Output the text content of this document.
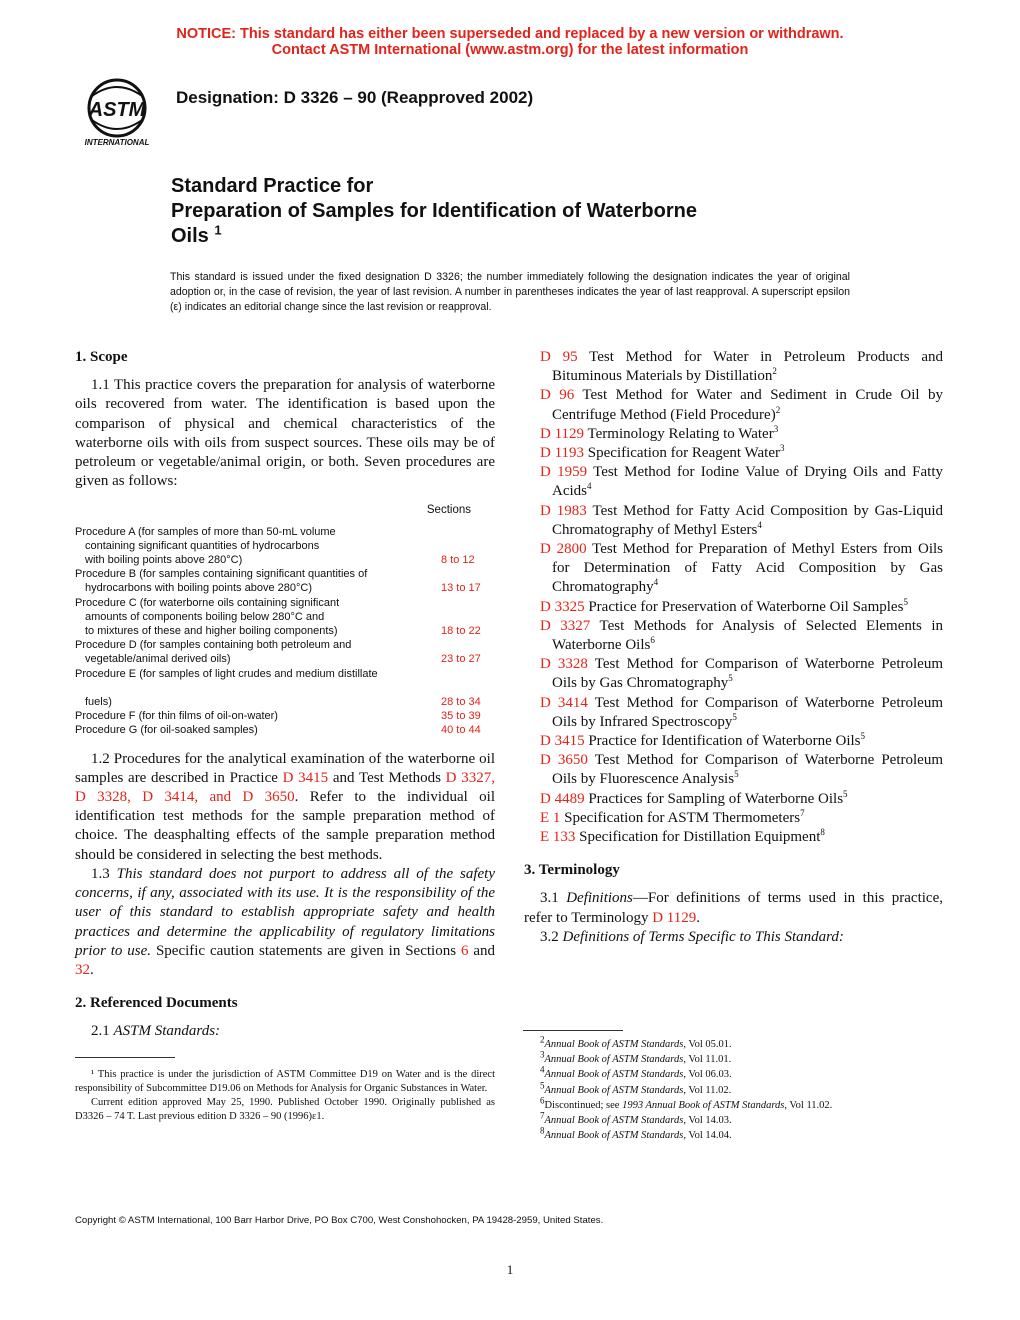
NOTICE: This standard has either been superseded and replaced by a new version or withdrawn.
Contact ASTM International (www.astm.org) for the latest information
ASTM
INTERNATIONAL
Designation: D 3326 – 90 (Reapproved 2002)
Standard Practice for
Preparation of Samples for Identification of Waterborne
Oils $^1$
This standard is issued under the fixed designation D 3326; the number immediately following the designation indicates the year of original adoption or, in the case of revision, the year of last revision. A number in parentheses indicates the year of last reapproval. A superscript epsilon (ε) indicates an editorial change since the last revision or reapproval.
1. Scope

1.1 This practice covers the preparation for analysis of waterborne oils recovered from water. The identification is based upon the comparison of physical and chemical characteristics of the waterborne oils with oils from suspect sources. These oils may be of petroleum or vegetable/animal origin, or both. Seven procedures are given as follows:

Sections
Procedure A (for samples of more than 50-mL volume
containing significant quantities of hydrocarbons
with boiling points above 280°C)	8 to 12
Procedure B (for samples containing significant quantities of
hydrocarbons with boiling points above 280°C)	13 to 17
Procedure C (for waterborne oils containing significant
amounts of components boiling below 280°C and
to mixtures of these and higher boiling components)	18 to 22
Procedure D (for samples containing both petroleum and
vegetable/animal derived oils)	23 to 27
Procedure E (for samples of light crudes and medium distillate

fuels)	28 to 34
Procedure F (for thin films of oil-on-water)	35 to 39
Procedure G (for oil-soaked samples)	40 to 44

1.2 Procedures for the analytical examination of the waterborne oil samples are described in Practice D 3415 and Test Methods D 3327, D 3328, D 3414, and D 3650. Refer to the individual oil identification test methods for the sample preparation method of choice. The deasphalting effects of the sample preparation method should be considered in selecting the best methods.

1.3 This standard does not purport to address all of the safety concerns, if any, associated with its use. It is the responsibility of the user of this standard to establish appropriate safety and health practices and determine the applicability of regulatory limitations prior to use. Specific caution statements are given in Sections 6 and 32.

2. Referenced Documents

2.1 ASTM Standards:

D 95 Test Method for Water in Petroleum Products and Bituminous Materials by Distillation$^2$
D 96 Test Method for Water and Sediment in Crude Oil by Centrifuge Method (Field Procedure)$^2$
D 1129 Terminology Relating to Water$^3$
D 1193 Specification for Reagent Water$^3$
D 1959 Test Method for Iodine Value of Drying Oils and Fatty Acids$^4$
D 1983 Test Method for Fatty Acid Composition by Gas-Liquid Chromatography of Methyl Esters$^4$
D 2800 Test Method for Preparation of Methyl Esters from Oils for Determination of Fatty Acid Composition by Gas Chromatography$^4$
D 3325 Practice for Preservation of Waterborne Oil Samples$^5$
D 3327 Test Methods for Analysis of Selected Elements in Waterborne Oils$^6$
D 3328 Test Method for Comparison of Waterborne Petroleum Oils by Gas Chromatography$^5$
D 3414 Test Method for Comparison of Waterborne Petroleum Oils by Infrared Spectroscopy$^5$
D 3415 Practice for Identification of Waterborne Oils$^5$
D 3650 Test Method for Comparison of Waterborne Petroleum Oils by Fluorescence Analysis$^5$
D 4489 Practices for Sampling of Waterborne Oils$^5$
E 1 Specification for ASTM Thermometers$^7$
E 133 Specification for Distillation Equipment$^8$
3. Terminology

3.1 Definitions—For definitions of terms used in this practice, refer to Terminology D 1129.

3.2 Definitions of Terms Specific to This Standard:

¹ This practice is under the jurisdiction of ASTM Committee D19 on Water and is the direct responsibility of Subcommittee D19.06 on Methods for Analysis for Organic Substances in Water.

Current edition approved May 25, 1990. Published October 1990. Originally published as D3326 – 74 T. Last previous edition D 3326 – 90 (1996)ε1.

$^2$Annual Book of ASTM Standards, Vol 05.01.
$^3$Annual Book of ASTM Standards, Vol 11.01.
$^4$Annual Book of ASTM Standards, Vol 06.03.
$^5$Annual Book of ASTM Standards, Vol 11.02.
$^6$Discontinued; see 1993 Annual Book of ASTM Standards, Vol 11.02.
$^7$Annual Book of ASTM Standards, Vol 14.03.
$^8$Annual Book of ASTM Standards, Vol 14.04.
Copyright © ASTM International, 100 Barr Harbor Drive, PO Box C700, West Conshohocken, PA 19428-2959, United States.
1
